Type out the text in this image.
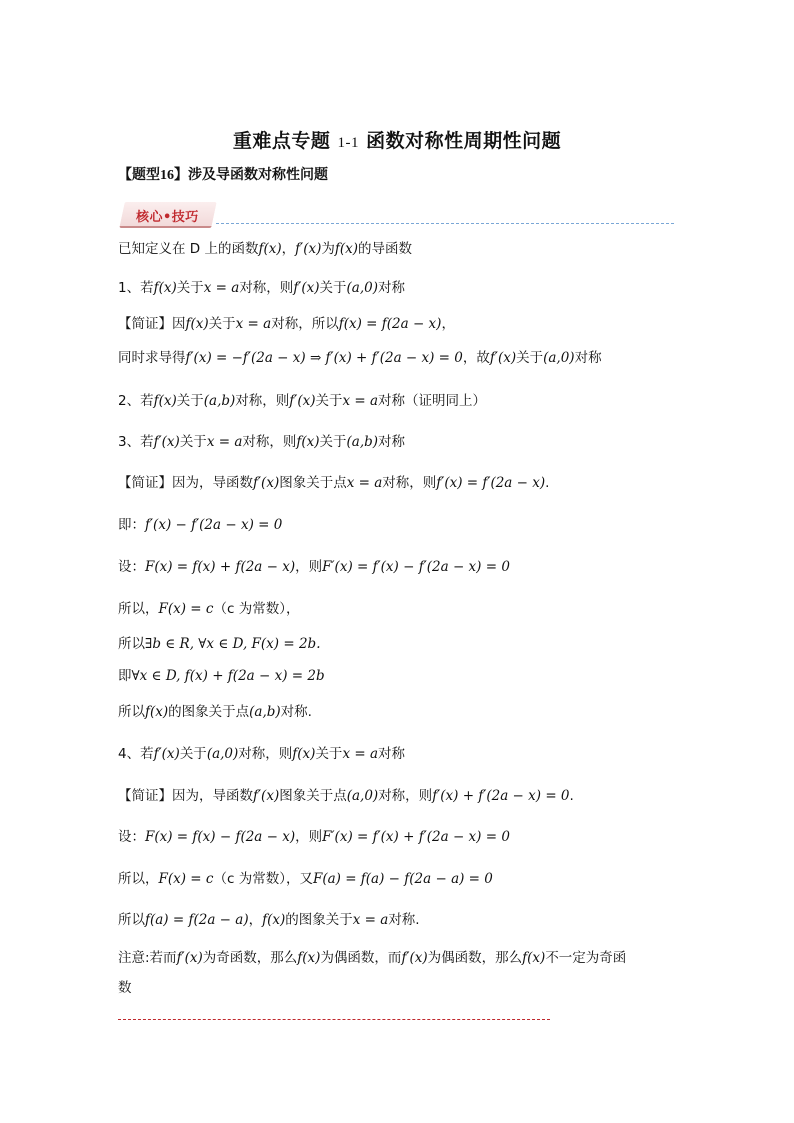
重难点专题 1-1 函数对称性周期性问题
【题型16】涉及导函数对称性问题
核心•技巧
已知定义在 D 上的函数f(x)，f′(x)为f(x)的导函数
1、若f(x)关于x = a对称，则f′(x)关于(a,0)对称
【简证】因f(x)关于x = a对称，所以f(x) = f(2a − x)，
同时求导得f′(x) = −f′(2a − x) ⇒ f′(x) + f′(2a − x) = 0，故f′(x)关于(a,0)对称
2、若f(x)关于(a,b)对称，则f′(x)关于x = a对称（证明同上）
3、若f′(x)关于x = a对称，则f(x)关于(a,b)对称
【简证】因为，导函数f′(x)图象关于点x = a对称，则f′(x) = f′(2a − x).
即：f′(x) − f′(2a − x) = 0
设：F(x) = f(x) + f(2a − x)，则F′(x) = f′(x) − f′(2a − x) = 0
所以，F(x) = c（c 为常数），
所以∃b ∈ R, ∀x ∈ D, F(x) = 2b.
即∀x ∈ D, f(x) + f(2a − x) = 2b
所以f(x)的图象关于点(a,b)对称.
4、若f′(x)关于(a,0)对称，则f(x)关于x = a对称
【简证】因为，导函数f′(x)图象关于点(a,0)对称，则f′(x) + f′(2a − x) = 0.
设：F(x) = f(x) − f(2a − x)，则F′(x) = f′(x) + f′(2a − x) = 0
所以，F(x) = c（c 为常数），又F(a) = f(a) − f(2a − a) = 0
所以f(a) = f(2a − a)，f(x)的图象关于x = a对称.
注意:若而f′(x)为奇函数，那么f(x)为偶函数，而f′(x)为偶函数，那么f(x)不一定为奇函
数
